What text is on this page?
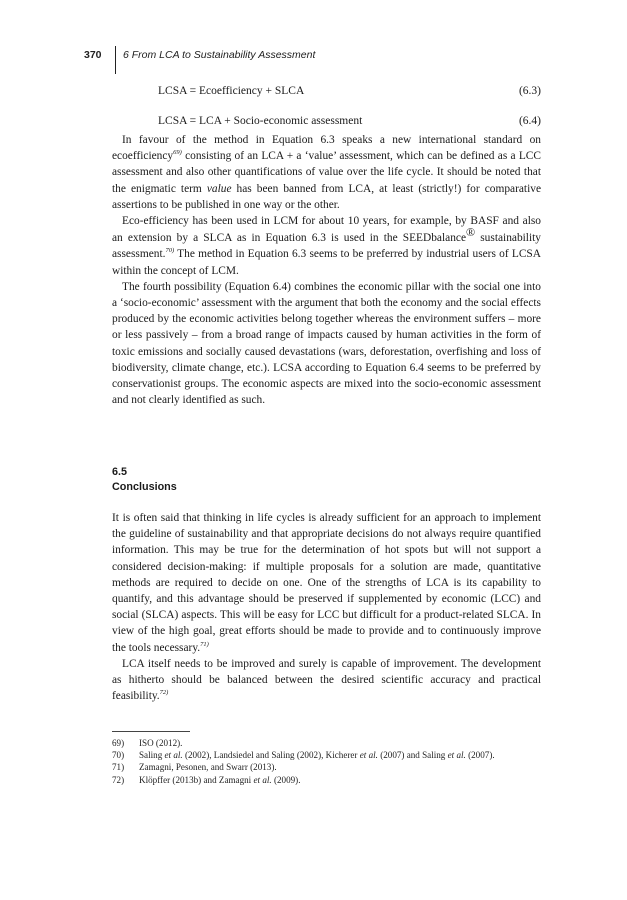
370 6 From LCA to Sustainability Assessment
LCSA = Ecoefficiency + SLCA	(6.3)
LCSA = LCA + Socio-economic assessment	(6.4)

In favour of the method in Equation 6.3 speaks a new international standard on ecoefficiency$^{69)}$ consisting of an LCA + a ‘value’ assessment, which can be defined as a LCC assessment and also other quantifications of value over the life cycle. It should be noted that the enigmatic term value has been banned from LCA, at least (strictly!) for comparative assertions to be published in one way or the other.

Eco-efficiency has been used in LCM for about 10 years, for example, by BASF and also an extension by a SLCA as in Equation 6.3 is used in the SEEDbalance® sustainability assessment.$^{70)}$ The method in Equation 6.3 seems to be preferred by industrial users of LCSA within the concept of LCM.

The fourth possibility (Equation 6.4) combines the economic pillar with the social one into a ‘socio-economic’ assessment with the argument that both the economy and the social effects produced by the economic activities belong together whereas the environment suffers – more or less passively – from a broad range of impacts caused by human activities in the form of toxic emissions and socially caused devastations (wars, deforestation, overfishing and loss of biodiversity, climate change, etc.). LCSA according to Equation 6.4 seems to be preferred by conservationist groups. The economic aspects are mixed into the socio-economic assessment and not clearly identified as such.

6.5
Conclusions

It is often said that thinking in life cycles is already sufficient for an approach to implement the guideline of sustainability and that appropriate decisions do not always require quantified information. This may be true for the determination of hot spots but will not support a considered decision-making: if multiple proposals for a solution are made, quantitative methods are required to decide on one. One of the strengths of LCA is its capability to quantify, and this advantage should be preserved if supplemented by economic (LCC) and social (SLCA) aspects. This will be easy for LCC but difficult for a product-related SLCA. In view of the high goal, great efforts should be made to provide and to continuously improve the tools necessary.$^{71)}$

LCA itself needs to be improved and surely is capable of improvement. The development as hitherto should be balanced between the desired scientific accuracy and practical feasibility.$^{72)}$

69) ISO (2012).
70) Saling et al. (2002), Landsiedel and Saling (2002), Kicherer et al. (2007) and Saling et al. (2007).
71) Zamagni, Pesonen, and Swarr (2013).
72) Klöpffer (2013b) and Zamagni et al. (2009).
